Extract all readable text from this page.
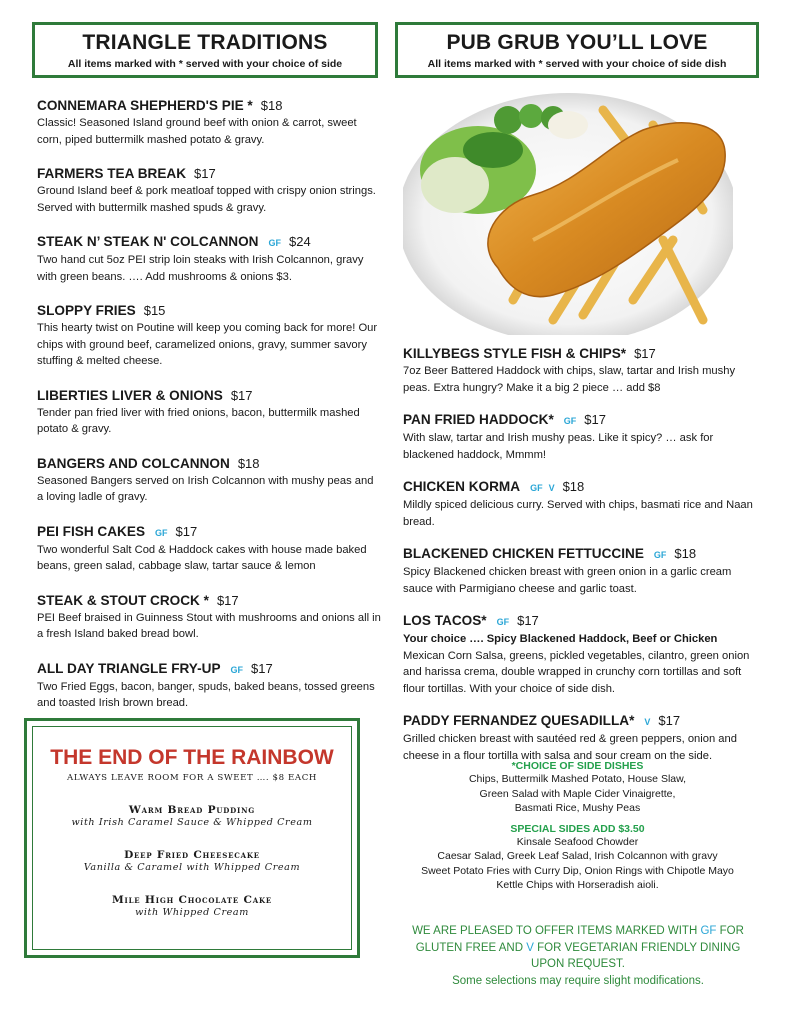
TRIANGLE TRADITIONS
All items marked with * served with your choice of side
PUB GRUB YOU’LL LOVE
All items marked with * served with your choice of side dish
CONNEMARA SHEPHERD'S PIE * $18
Classic! Seasoned Island ground beef with onion & carrot, sweet corn, piped buttermilk mashed potato & gravy.
FARMERS TEA BREAK $17
Ground Island beef & pork meatloaf topped with crispy onion strings. Served with buttermilk mashed spuds & gravy.
STEAK N’ STEAK N' COLCANNON GF $24
Two hand cut 5oz PEI strip loin steaks with Irish Colcannon, gravy with green beans. …. Add mushrooms & onions $3.
SLOPPY FRIES $15
This hearty twist on Poutine will keep you coming back for more! Our chips with ground beef, caramelized onions, gravy, summer savory stuffing & melted cheese.
LIBERTIES LIVER & ONIONS $17
Tender pan fried liver with fried onions, bacon, buttermilk mashed potato & gravy.
BANGERS AND COLCANNON $18
Seasoned Bangers served on Irish Colcannon with mushy peas and a loving ladle of gravy.
PEI FISH CAKES GF $17
Two wonderful Salt Cod & Haddock cakes with house made baked beans, green salad, cabbage slaw, tartar sauce & lemon
STEAK & STOUT CROCK * $17
PEI Beef braised in Guinness Stout with mushrooms and onions all in a fresh Island baked bread bowl.
ALL DAY TRIANGLE FRY-UP GF $17
Two Fried Eggs, bacon, banger, spuds, baked beans, tossed greens and toasted Irish brown bread.
KILLYBEGS STYLE FISH & CHIPS* $17
7oz Beer Battered Haddock with chips, slaw, tartar and Irish mushy peas. Extra hungry? Make it a big 2 piece … add $8
PAN FRIED HADDOCK* GF $17
With slaw, tartar and Irish mushy peas. Like it spicy? … ask for blackened haddock, Mmmm!
CHICKEN KORMA GF V $18
Mildly spiced delicious curry. Served with chips, basmati rice and Naan bread.
BLACKENED CHICKEN FETTUCCINE GF $18
Spicy Blackened chicken breast with green onion in a garlic cream sauce with Parmigiano cheese and garlic toast.
LOS TACOS* GF $17
Your choice …. Spicy Blackened Haddock, Beef or Chicken
Mexican Corn Salsa, greens, pickled vegetables, cilantro, green onion and harissa crema, double wrapped in crunchy corn tortillas and soft flour tortillas. With your choice of side dish.
PADDY FERNANDEZ QUESADILLA* V $17
Grilled chicken breast with sautéed red & green peppers, onion and cheese in a flour tortilla with salsa and sour cream on the side.
THE END OF THE RAINBOW
ALWAYS LEAVE ROOM FOR A SWEET …. $8 EACH
Warm Bread Pudding
with Irish Caramel Sauce & Whipped Cream
Deep Fried Cheesecake
Vanilla & Caramel with Whipped Cream
Mile High Chocolate Cake
with Whipped Cream
*CHOICE OF SIDE DISHES
Chips, Buttermilk Mashed Potato, House Slaw,
Green Salad with Maple Cider Vinaigrette,
Basmati Rice, Mushy Peas
SPECIAL SIDES ADD $3.50
Kinsale Seafood Chowder
Caesar Salad, Greek Leaf Salad, Irish Colcannon with gravy
Sweet Potato Fries with Curry Dip, Onion Rings with Chipotle Mayo
Kettle Chips with Horseradish aioli.
WE ARE PLEASED TO OFFER ITEMS MARKED WITH GF FOR GLUTEN FREE AND V FOR VEGETARIAN FRIENDLY DINING UPON REQUEST.
Some selections may require slight modifications.
